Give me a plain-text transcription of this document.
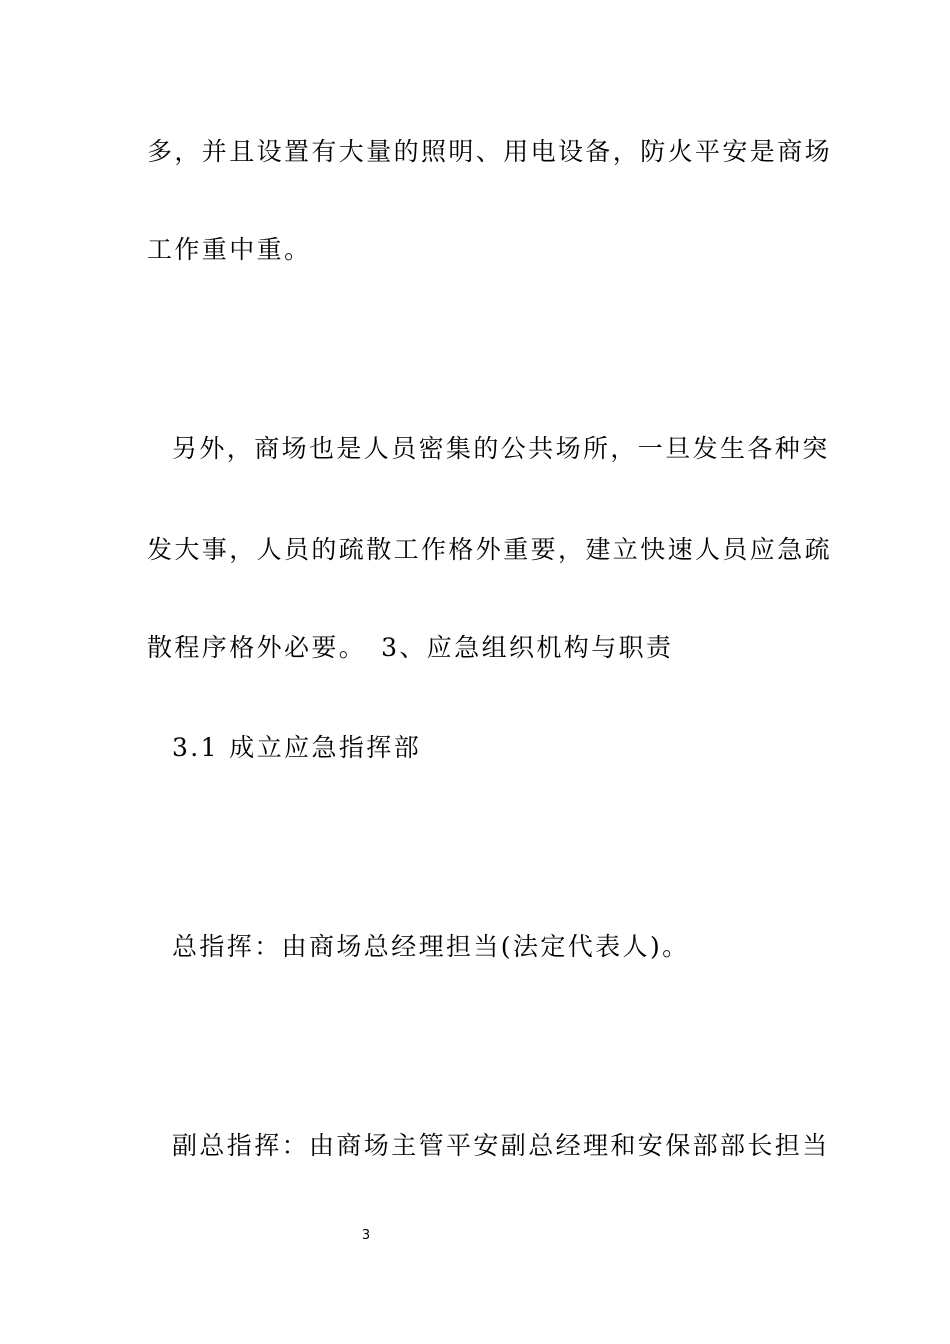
多，并且设置有大量的照明、用电设备，防火平安是商场
工作重中重。
另外，商场也是人员密集的公共场所，一旦发生各种突
发大事，人员的疏散工作格外重要，建立快速人员应急疏
散程序格外必要。　3、应急组织机构与职责
3.1 成立应急指挥部
总指挥：由商场总经理担当(法定代表人)。
副总指挥：由商场主管平安副总经理和安保部部长担当
3
